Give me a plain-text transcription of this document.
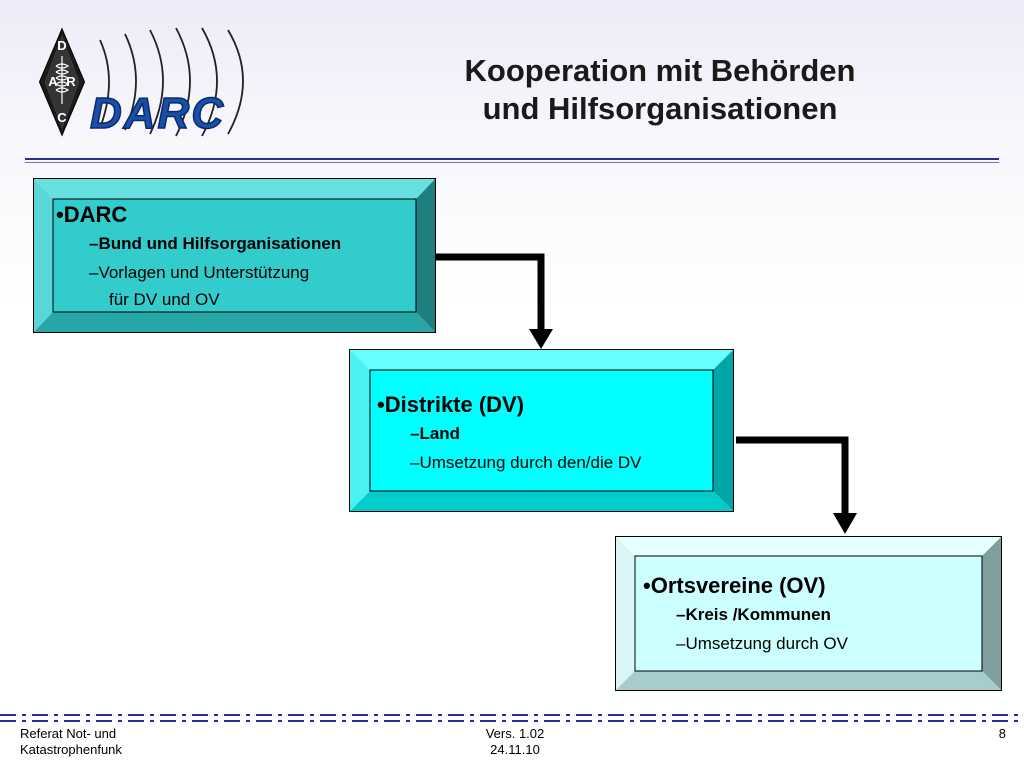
D
A R
C DARC
Kooperation mit Behörden
und Hilfsorganisationen
•DARC
–Bund und Hilfsorganisationen
–Vorlagen und Unterstützung
für DV und OV
•Distrikte (DV)
–Land
–Umsetzung durch den/die DV
•Ortsvereine (OV)
–Kreis /Kommunen
–Umsetzung durch OV
Referat Not- und
Katastrophenfunk
Vers. 1.02
24.11.10
8
